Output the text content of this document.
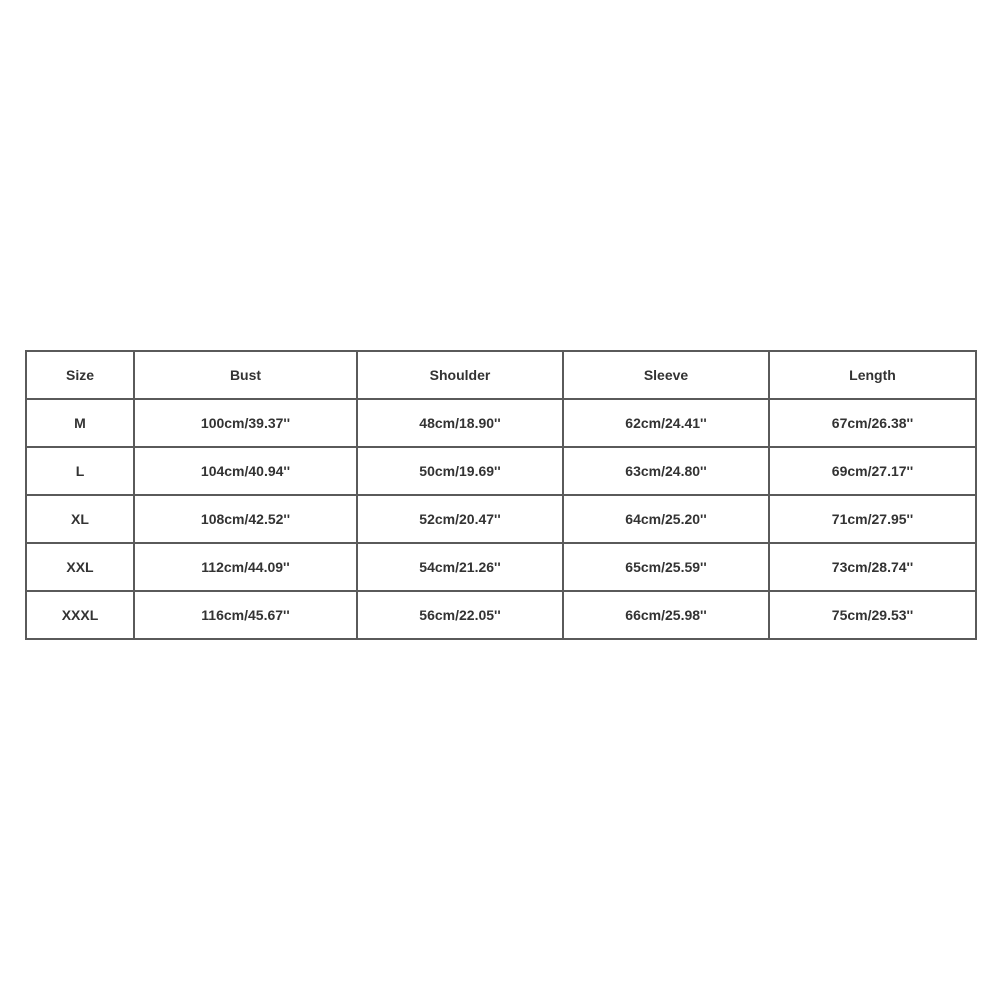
Size	Bust	Shoulder	Sleeve	Length
M	100cm/39.37''	48cm/18.90''	62cm/24.41''	67cm/26.38''
L	104cm/40.94''	50cm/19.69''	63cm/24.80''	69cm/27.17''
XL	108cm/42.52''	52cm/20.47''	64cm/25.20''	71cm/27.95''
XXL	112cm/44.09''	54cm/21.26''	65cm/25.59''	73cm/28.74''
XXXL	116cm/45.67''	56cm/22.05''	66cm/25.98''	75cm/29.53''
